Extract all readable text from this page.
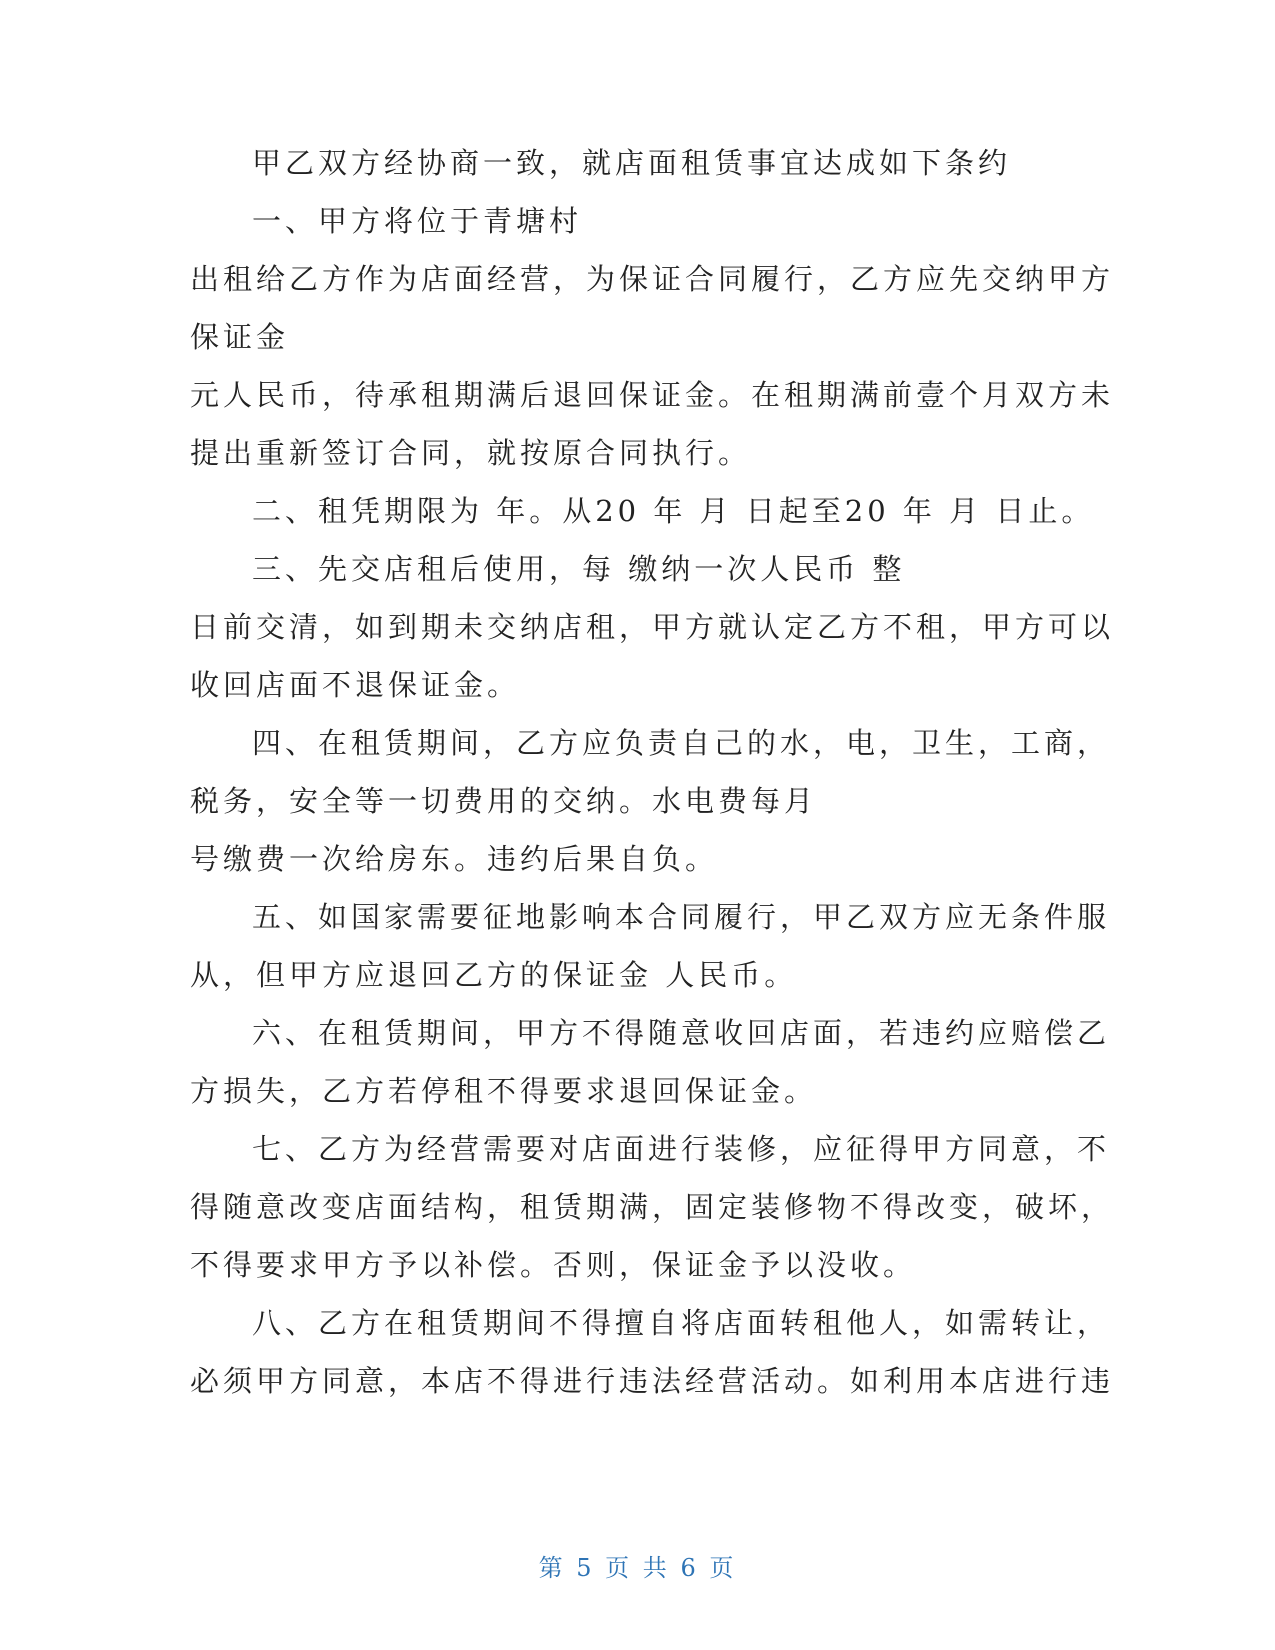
甲乙双方经协商一致，就店面租赁事宜达成如下条约
一、甲方将位于青塘村
出租给乙方作为店面经营，为保证合同履行，乙方应先交纳甲方
保证金
元人民币，待承租期满后退回保证金。在租期满前壹个月双方未
提出重新签订合同，就按原合同执行。
二、租凭期限为 年。从20 年 月 日起至20 年 月 日止。
三、先交店租后使用，每 缴纳一次人民币 整
日前交清，如到期未交纳店租，甲方就认定乙方不租，甲方可以
收回店面不退保证金。
四、在租赁期间，乙方应负责自己的水，电，卫生，工商，
税务，安全等一切费用的交纳。水电费每月
号缴费一次给房东。违约后果自负。
五、如国家需要征地影响本合同履行，甲乙双方应无条件服
从，但甲方应退回乙方的保证金 人民币。
六、在租赁期间，甲方不得随意收回店面，若违约应赔偿乙
方损失，乙方若停租不得要求退回保证金。
七、乙方为经营需要对店面进行装修，应征得甲方同意，不
得随意改变店面结构，租赁期满，固定装修物不得改变，破坏，
不得要求甲方予以补偿。否则，保证金予以没收。
八、乙方在租赁期间不得擅自将店面转租他人，如需转让，
必须甲方同意，本店不得进行违法经营活动。如利用本店进行违
第 5 页 共 6 页
